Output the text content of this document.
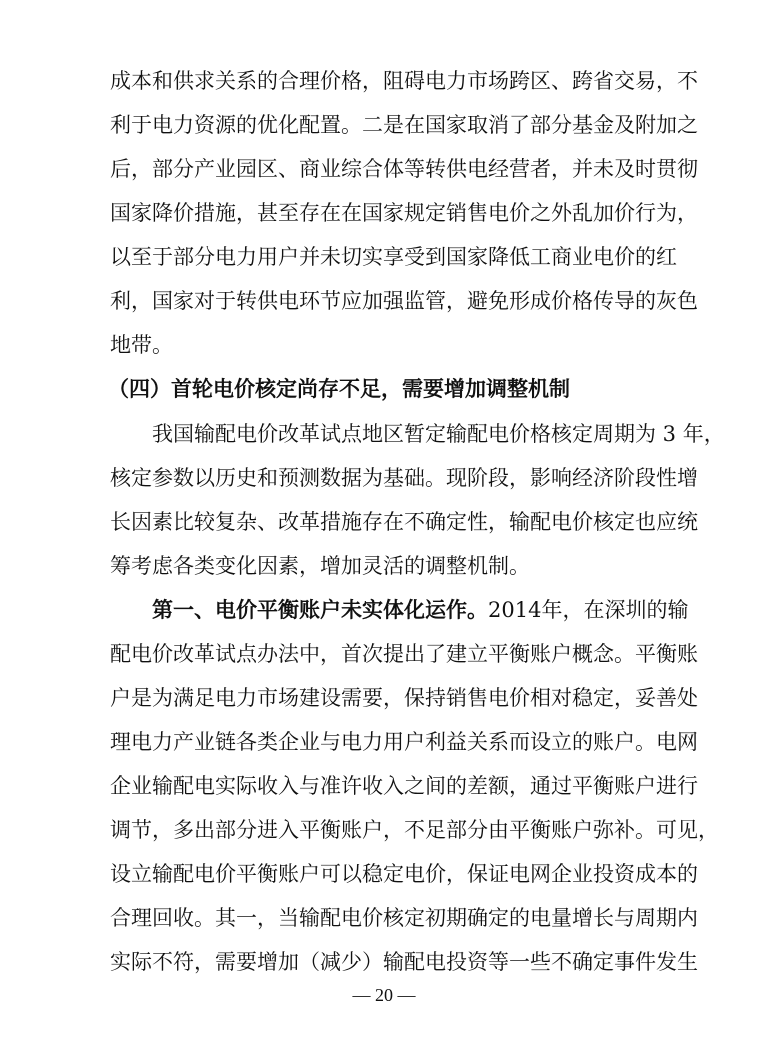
成本和供求关系的合理价格，阻碍电力市场跨区、跨省交易，不
利于电力资源的优化配置。二是在国家取消了部分基金及附加之
后，部分产业园区、商业综合体等转供电经营者，并未及时贯彻
国家降价措施，甚至存在在国家规定销售电价之外乱加价行为，
以至于部分电力用户并未切实享受到国家降低工商业电价的红
利，国家对于转供电环节应加强监管，避免形成价格传导的灰色
地带。
（四）首轮电价核定尚存不足，需要增加调整机制
我国输配电价改革试点地区暂定输配电价格核定周期为 3 年，
核定参数以历史和预测数据为基础。现阶段，影响经济阶段性增
长因素比较复杂、改革措施存在不确定性，输配电价核定也应统
筹考虑各类变化因素，增加灵活的调整机制。
第一、电价平衡账户未实体化运作。2014年，在深圳的输
配电价改革试点办法中，首次提出了建立平衡账户概念。平衡账
户是为满足电力市场建设需要，保持销售电价相对稳定，妥善处
理电力产业链各类企业与电力用户利益关系而设立的账户。电网
企业输配电实际收入与准许收入之间的差额，通过平衡账户进行
调节，多出部分进入平衡账户，不足部分由平衡账户弥补。可见，
设立输配电价平衡账户可以稳定电价，保证电网企业投资成本的
合理回收。其一，当输配电价核定初期确定的电量增长与周期内
实际不符，需要增加（减少）输配电投资等一些不确定事件发生
— 20 —
